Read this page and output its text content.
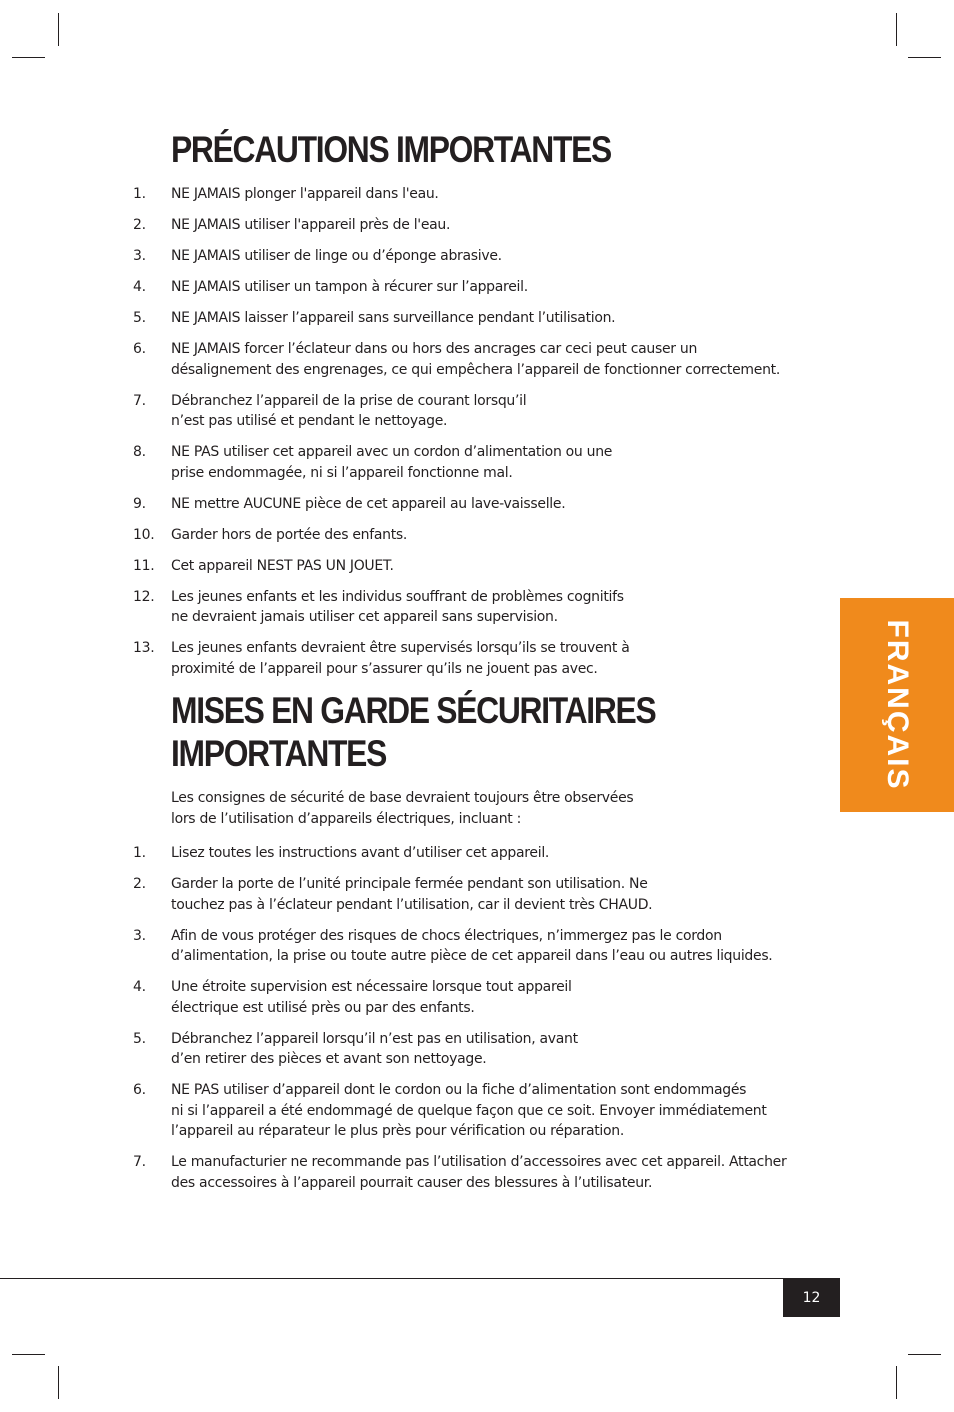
PRÉCAUTIONS IMPORTANTES
1. NE JAMAIS plonger l'appareil dans l'eau.
2. NE JAMAIS utiliser l'appareil près de l'eau.
3. NE JAMAIS utiliser de linge ou d’éponge abrasive.
4. NE JAMAIS utiliser un tampon à récurer sur l’appareil.
5. NE JAMAIS laisser l’appareil sans surveillance pendant l’utilisation.
6. NE JAMAIS forcer l’éclateur dans ou hors des ancrages car ceci peut causer un
désalignement des engrenages, ce qui empêchera l’appareil de fonctionner correctement.
7. Débranchez l’appareil de la prise de courant lorsqu’il
n’est pas utilisé et pendant le nettoyage.
8. NE PAS utiliser cet appareil avec un cordon d’alimentation ou une
prise endommagée, ni si l’appareil fonctionne mal.
9. NE mettre AUCUNE pièce de cet appareil au lave-vaisselle.
10. Garder hors de portée des enfants.
11. Cet appareil NEST PAS UN JOUET.
12. Les jeunes enfants et les individus souffrant de problèmes cognitifs
ne devraient jamais utiliser cet appareil sans supervision.
13. Les jeunes enfants devraient être supervisés lorsqu’ils se trouvent à
proximité de l’appareil pour s’assurer qu’ils ne jouent pas avec.
MISES EN GARDE SÉCURITAIRES
IMPORTANTES
Les consignes de sécurité de base devraient toujours être observées
lors de l’utilisation d’appareils électriques, incluant :
1. Lisez toutes les instructions avant d’utiliser cet appareil.
2. Garder la porte de l’unité principale fermée pendant son utilisation. Ne
touchez pas à l’éclateur pendant l’utilisation, car il devient très CHAUD.
3. Afin de vous protéger des risques de chocs électriques, n’immergez pas le cordon
d’alimentation, la prise ou toute autre pièce de cet appareil dans l’eau ou autres liquides.
4. Une étroite supervision est nécessaire lorsque tout appareil
électrique est utilisé près ou par des enfants.
5. Débranchez l’appareil lorsqu’il n’est pas en utilisation, avant
d’en retirer des pièces et avant son nettoyage.
6. NE PAS utiliser d’appareil dont le cordon ou la fiche d’alimentation sont endommagés
ni si l’appareil a été endommagé de quelque façon que ce soit. Envoyer immédiatement
l’appareil au réparateur le plus près pour vérification ou réparation.
7. Le manufacturier ne recommande pas l’utilisation d’accessoires avec cet appareil. Attacher
des accessoires à l’appareil pourrait causer des blessures à l’utilisateur.
FRANÇAIS
12
